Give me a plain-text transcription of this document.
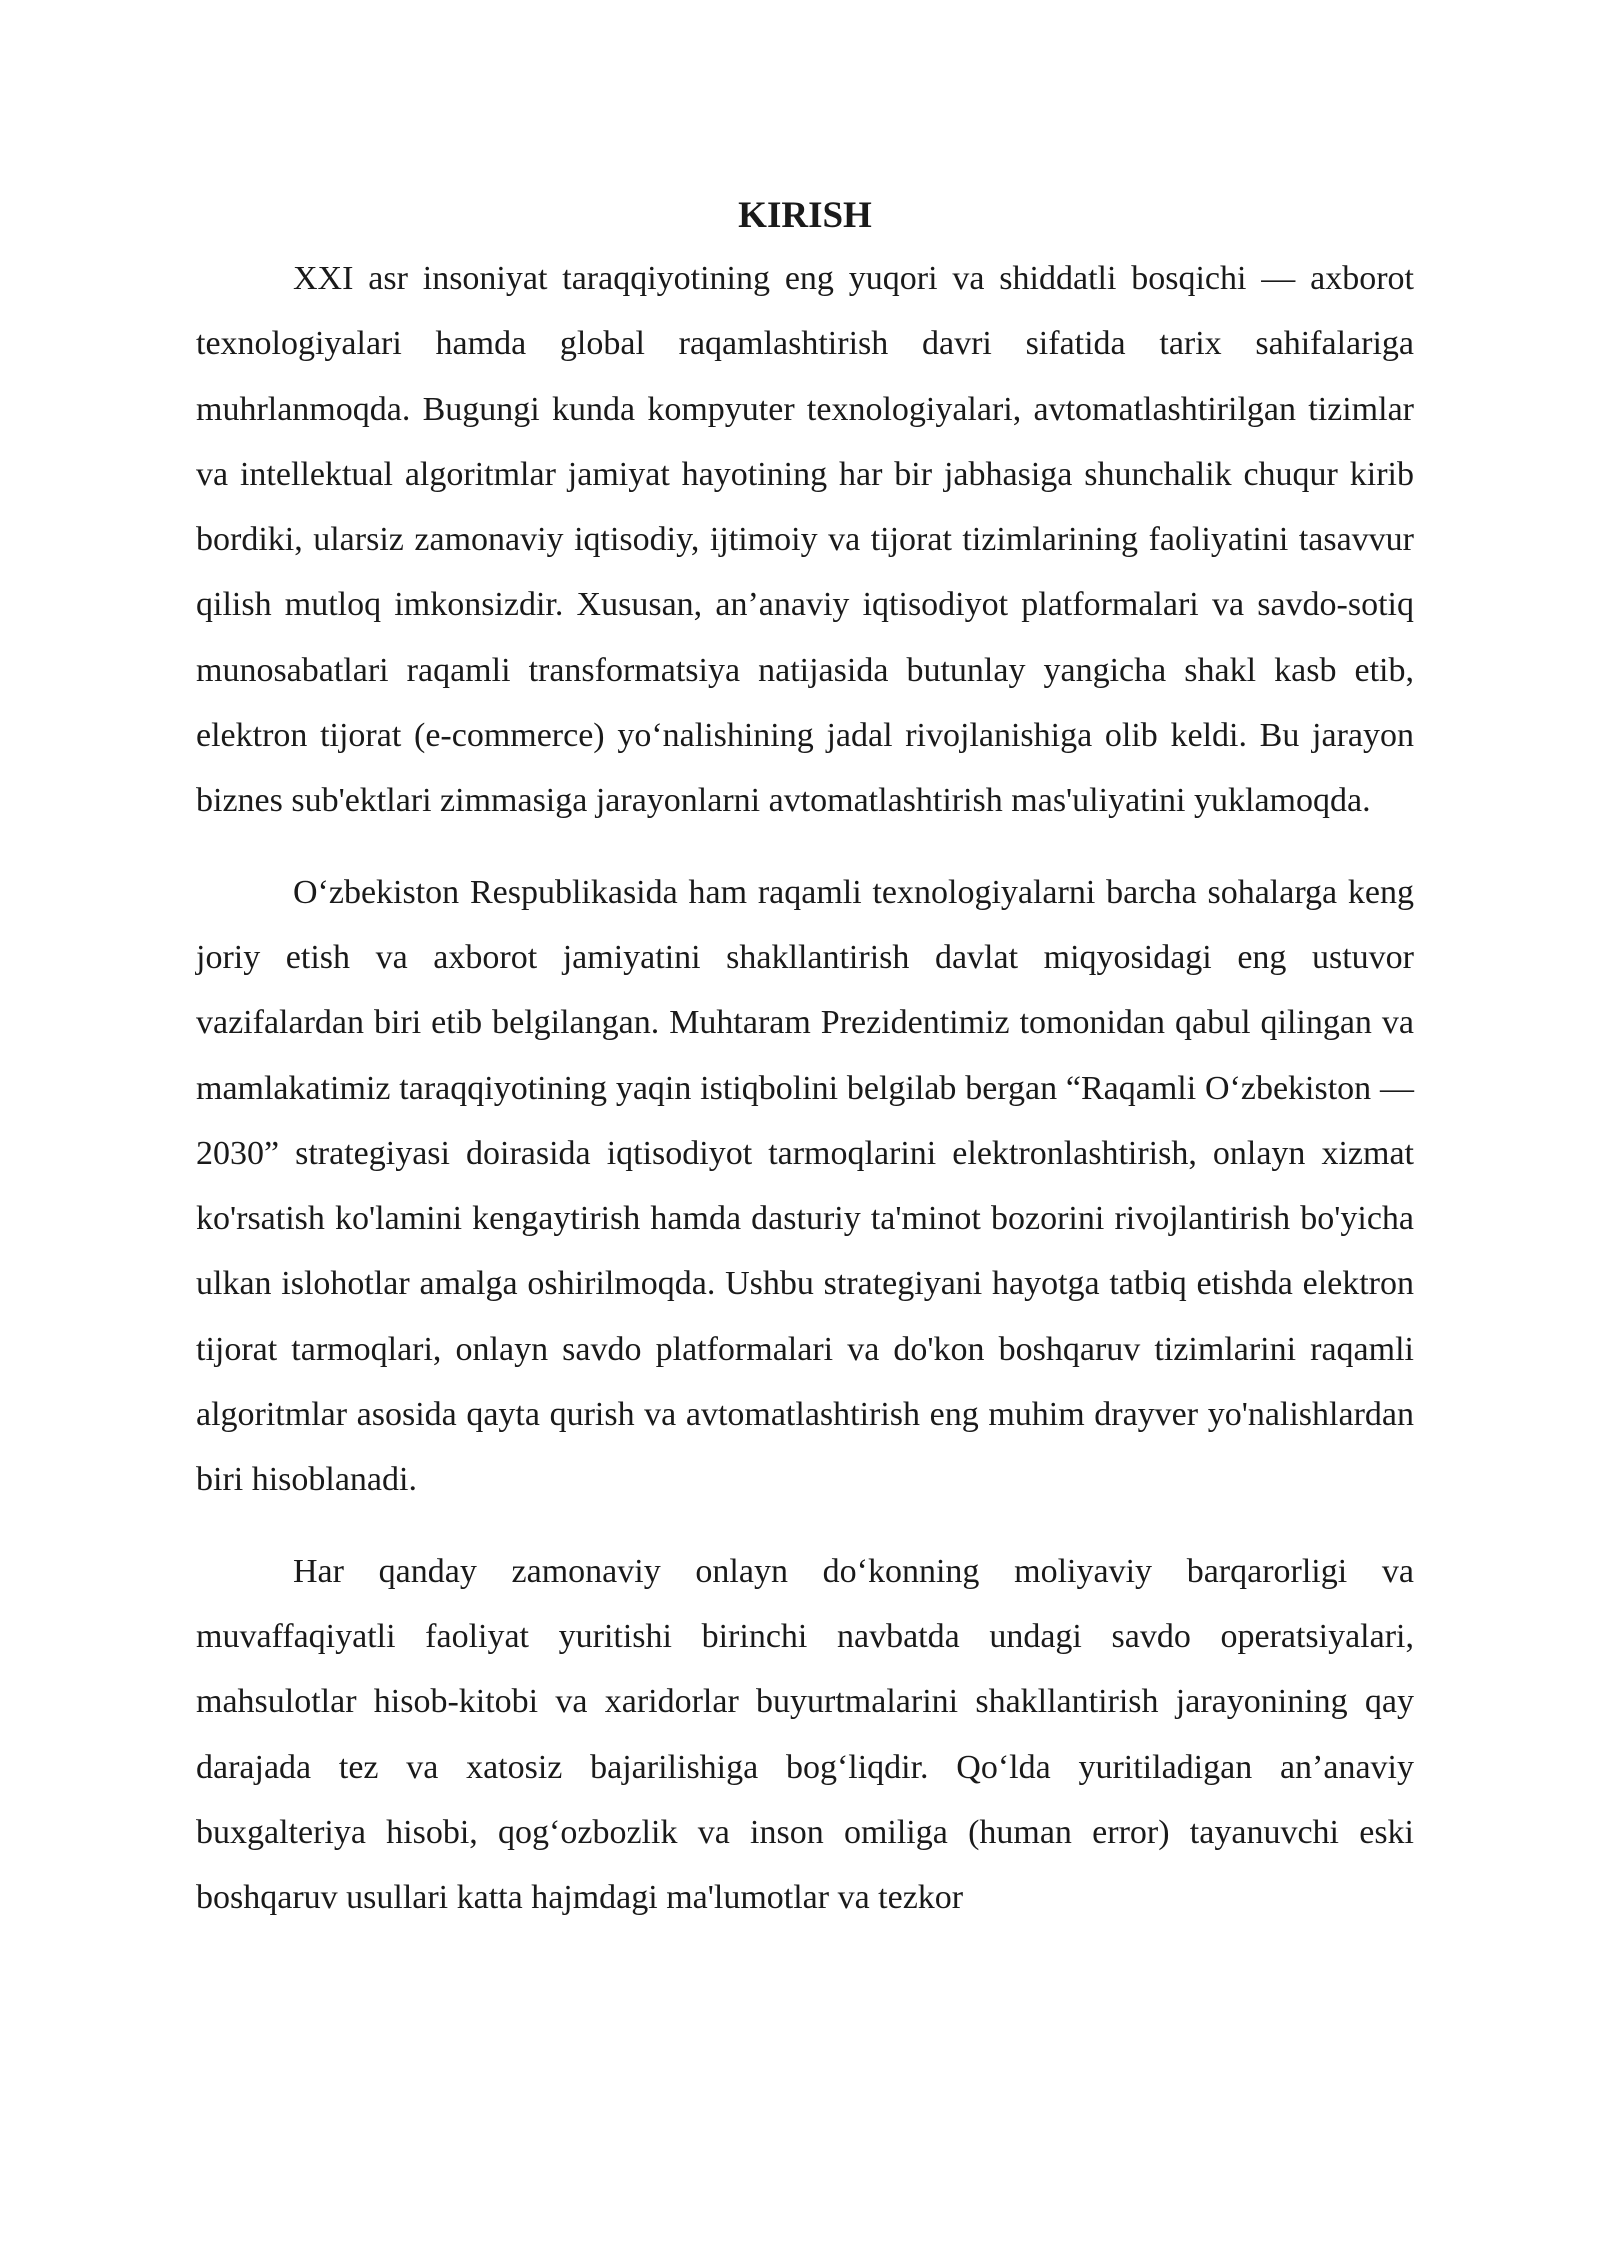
KIRISH

XXI asr insoniyat taraqqiyotining eng yuqori va shiddatli bosqichi — axborot texnologiyalari hamda global raqamlashtirish davri sifatida tarix sahifalariga muhrlanmoqda. Bugungi kunda kompyuter texnologiyalari, avtomatlashtirilgan tizimlar va intellektual algoritmlar jamiyat hayotining har bir jabhasiga shunchalik chuqur kirib bordiki, ularsiz zamonaviy iqtisodiy, ijtimoiy va tijorat tizimlarining faoliyatini tasavvur qilish mutloq imkonsizdir. Xususan, an’anaviy iqtisodiyot platformalari va savdo-sotiq munosabatlari raqamli transformatsiya natijasida butunlay yangicha shakl kasb etib, elektron tijorat (e-commerce) yo‘nalishining jadal rivojlanishiga olib keldi. Bu jarayon biznes sub'ektlari zimmasiga jarayonlarni avtomatlashtirish mas'uliyatini yuklamoqda.

O‘zbekiston Respublikasida ham raqamli texnologiyalarni barcha sohalarga keng joriy etish va axborot jamiyatini shakllantirish davlat miqyosidagi eng ustuvor vazifalardan biri etib belgilangan. Muhtaram Prezidentimiz tomonidan qabul qilingan va mamlakatimiz taraqqiyotining yaqin istiqbolini belgilab bergan “Raqamli O‘zbekiston — 2030” strategiyasi doirasida iqtisodiyot tarmoqlarini elektronlashtirish, onlayn xizmat ko'rsatish ko'lamini kengaytirish hamda dasturiy ta'minot bozorini rivojlantirish bo'yicha ulkan islohotlar amalga oshirilmoqda. Ushbu strategiyani hayotga tatbiq etishda elektron tijorat tarmoqlari, onlayn savdo platformalari va do'kon boshqaruv tizimlarini raqamli algoritmlar asosida qayta qurish va avtomatlashtirish eng muhim drayver yo'nalishlardan biri hisoblanadi.

Har qanday zamonaviy onlayn do‘konning moliyaviy barqarorligi va muvaffaqiyatli faoliyat yuritishi birinchi navbatda undagi savdo operatsiyalari, mahsulotlar hisob-kitobi va xaridorlar buyurtmalarini shakllantirish jarayonining qay darajada tez va xatosiz bajarilishiga bog‘liqdir. Qo‘lda yuritiladigan an’anaviy buxgalteriya hisobi, qog‘ozbozlik va inson omiliga (human error) tayanuvchi eski boshqaruv usullari katta hajmdagi ma'lumotlar va tezkor
